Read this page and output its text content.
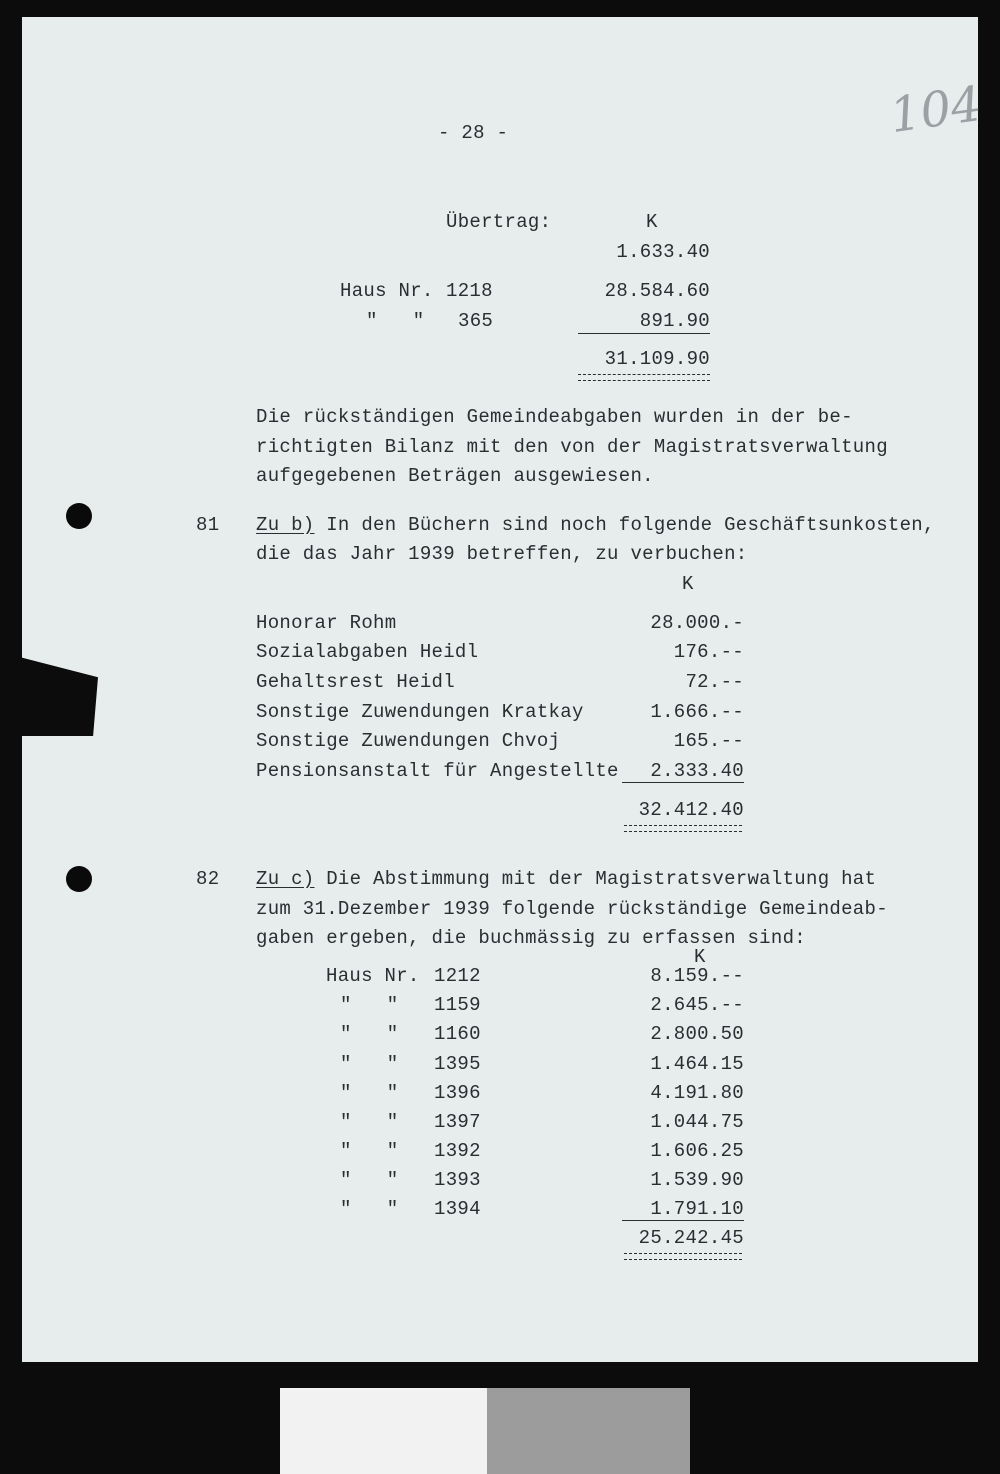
104
- 28 -
Übertrag:	K
1.633.40
Haus Nr. 1218	28.584.60
"   " 365	891.90
31.109.90
Die rückständigen Gemeindeabgaben wurden in der be-
richtigten Bilanz mit den von der Magistratsverwaltung
aufgegebenen Beträgen ausgewiesen.
81 Zu b) In den Büchern sind noch folgende Geschäftsunkosten,
die das Jahr 1939 betreffen, zu verbuchen:
K
Honorar Rohm	28.000.-
Sozialabgaben Heidl	176.--
Gehaltsrest Heidl	72.--
Sonstige Zuwendungen Kratkay	1.666.--
Sonstige Zuwendungen Chvoj	165.--
Pensionsanstalt für Angestellte	2.333.40
32.412.40
82 Zu c) Die Abstimmung mit der Magistratsverwaltung hat
zum 31.Dezember 1939 folgende rückständige Gemeindeab-
gaben ergeben, die buchmässig zu erfassen sind:
K
Haus Nr. 1212	8.159.--
"   " 1159	2.645.--
"   " 1160	2.800.50
"   " 1395	1.464.15
"   " 1396	4.191.80
"   " 1397	1.044.75
"   " 1392	1.606.25
"   " 1393	1.539.90
"   " 1394	1.791.10
25.242.45
